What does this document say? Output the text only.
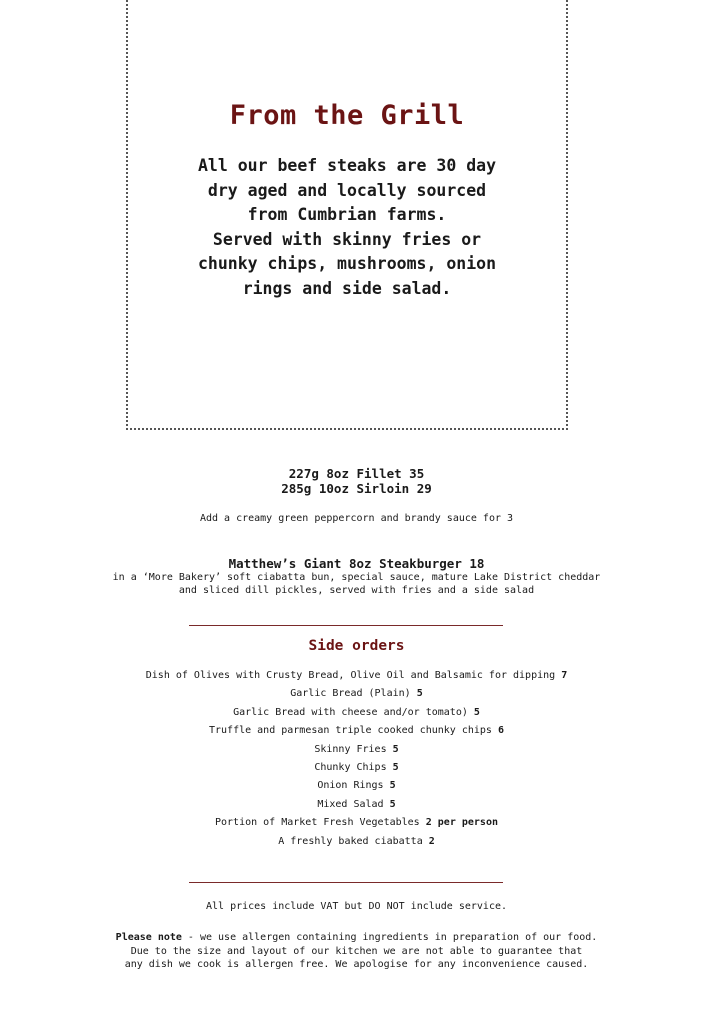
From the Grill
All our beef steaks are 30 day
dry aged and locally sourced
from Cumbrian farms.
Served with skinny fries or
chunky chips, mushrooms, onion
rings and side salad.
227g 8oz Fillet 35
285g 10oz Sirloin 29
Add a creamy green peppercorn and brandy sauce for 3
Matthew’s Giant 8oz Steakburger 18
in a ‘More Bakery’ soft ciabatta bun, special sauce, mature Lake District cheddar
and sliced dill pickles, served with fries and a side salad
Side orders
Dish of Olives with Crusty Bread, Olive Oil and Balsamic for dipping 7
Garlic Bread (Plain) 5
Garlic Bread with cheese and/or tomato) 5
Truffle and parmesan triple cooked chunky chips 6
Skinny Fries 5
Chunky Chips 5
Onion Rings 5
Mixed Salad 5
Portion of Market Fresh Vegetables 2 per person
A freshly baked ciabatta 2
All prices include VAT but DO NOT include service.
Please note - we use allergen containing ingredients in preparation of our food.
Due to the size and layout of our kitchen we are not able to guarantee that
any dish we cook is allergen free. We apologise for any inconvenience caused.
